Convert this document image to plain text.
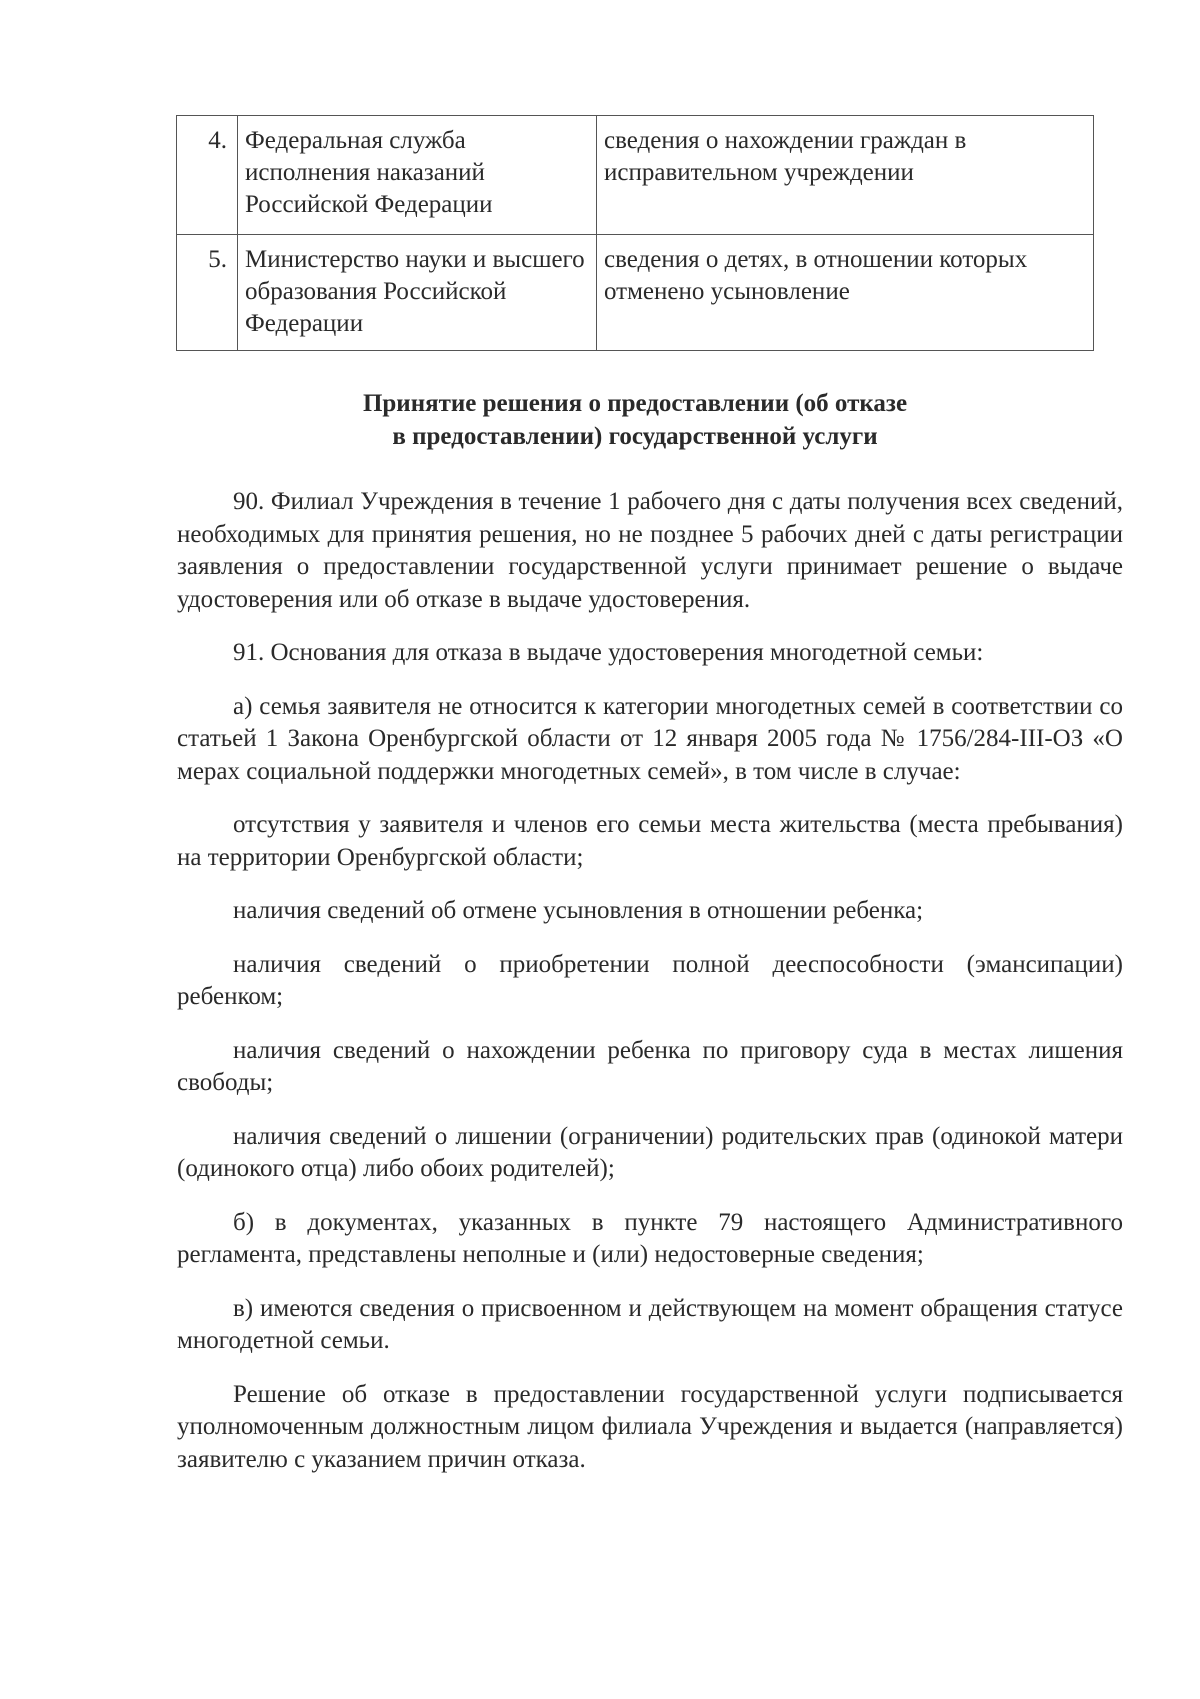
4.	Федеральная служба исполнения наказаний Российской Федерации	сведения о нахождении граждан в исправительном учреждении
5.	Министерство науки и высшего образования Российской Федерации	сведения о детях, в отношении которых отменено усыновление
Принятие решения о предоставлении (об отказе
в предоставлении) государственной услуги

90. Филиал Учреждения в течение 1 рабочего дня с даты получения всех сведений, необходимых для принятия решения, но не позднее 5 рабочих дней с даты регистрации заявления о предоставлении государственной услуги принимает решение о выдаче удостоверения или об отказе в выдаче удостоверения.

91. Основания для отказа в выдаче удостоверения многодетной семьи:

а) семья заявителя не относится к категории многодетных семей в соответствии со статьей 1 Закона Оренбургской области от 12 января 2005 года № 1756/284-III-ОЗ «О мерах социальной поддержки многодетных семей», в том числе в случае:

отсутствия у заявителя и членов его семьи места жительства (места пребывания) на территории Оренбургской области;

наличия сведений об отмене усыновления в отношении ребенка;

наличия сведений о приобретении полной дееспособности (эмансипации) ребенком;

наличия сведений о нахождении ребенка по приговору суда в местах лишения свободы;

наличия сведений о лишении (ограничении) родительских прав (одинокой матери (одинокого отца) либо обоих родителей);

б) в документах, указанных в пункте 79 настоящего Административного регламента, представлены неполные и (или) недостоверные сведения;

в) имеются сведения о присвоенном и действующем на момент обращения статусе многодетной семьи.

Решение об отказе в предоставлении государственной услуги подписывается уполномоченным должностным лицом филиала Учреждения и выдается (направляется) заявителю с указанием причин отказа.
